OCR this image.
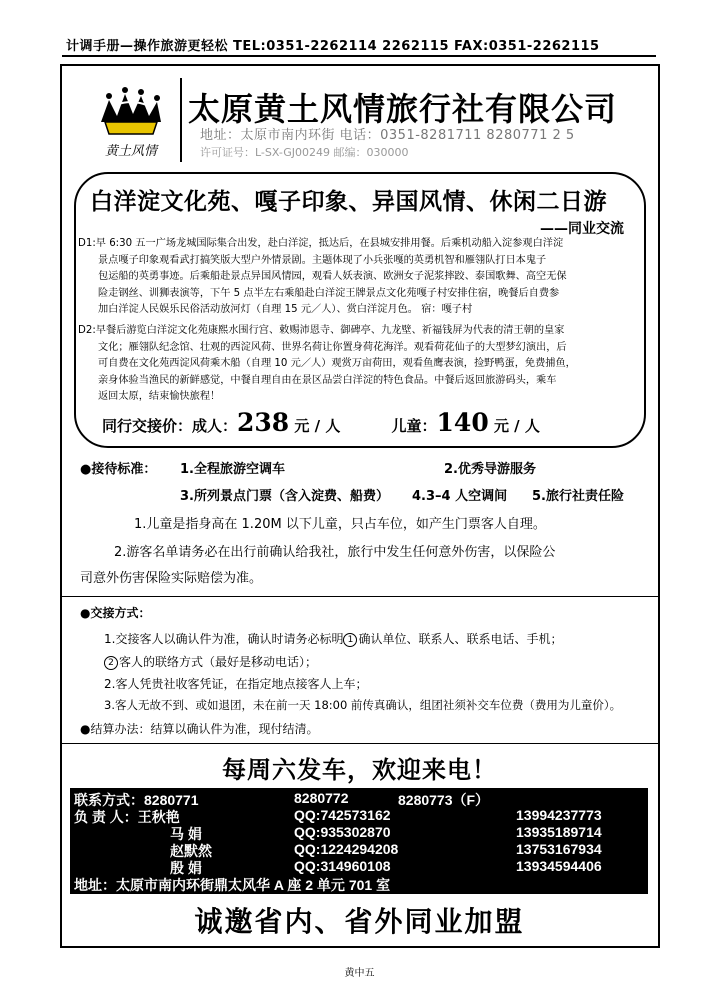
计调手册—操作旅游更轻松 TEL:0351-2262114 2262115 FAX:0351-2262115
黄土风情
太原黄土风情旅行社有限公司
地址：太原市南内环街 电话：0351-8281711 8280771 2 5
许可证号：L-SX-GJ00249 邮编：030000
白洋淀文化苑、嘎子印象、异国风情、休闲二日游
——同业交流

D1:早 6:30 五一广场龙城国际集合出发，赴白洋淀，抵达后，在县城安排用餐。后乘机动船入淀参观白洋淀

景点嘎子印象观看武打搞笑版大型户外情景剧。主题体现了小兵张嘎的英勇机智和雁翎队打日本鬼子

包运船的英勇事迹。后乘船赴景点异国风情园，观看人妖表演、欧洲女子泥浆摔跤、泰国歌舞、高空无保

险走钢丝、训狮表演等，下午 5 点半左右乘船赴白洋淀王牌景点文化苑嘎子村安排住宿，晚餐后自费参

加白洋淀人民娱乐民俗活动放河灯（自理 15 元／人）、赏白洋淀月色。 宿：嘎子村

D2:早餐后游览白洋淀文化苑康熙水围行宫、敕赐沛恩寺、御碑亭、九龙壁、祈福钱屏为代表的清王朝的皇家

文化；雁翎队纪念馆、壮观的西淀风荷、世界名荷让你置身荷花海洋。观看荷花仙子的大型梦幻演出，后

可自费在文化苑西淀风荷乘木船（自理 10 元／人）观赏万亩荷田，观看鱼鹰表演，捡野鸭蛋，免费捕鱼，

亲身体验当渔民的新鲜感觉，中餐自理自由在景区品尝白洋淀的特色食品。中餐后返回旅游码头，乘车

返回太原，结束愉快旅程！

同行交接价：成人：238 元 / 人	儿童：140 元 / 人
●接待标准： 1.全程旅游空调车	2.优秀导游服务
3.所列景点门票（含入淀费、船费） 4.3–4 人空调间 5.旅行社责任险
1.儿童是指身高在 1.20M 以下儿童，只占车位，如产生门票客人自理。
2.游客名单请务必在出行前确认给我社，旅行中发生任何意外伤害，以保险公
司意外伤害保险实际赔偿为准。
●交接方式：
1.交接客人以确认件为准，确认时请务必标明 1 确认单位、联系人、联系电话、手机；
2 客人的联络方式（最好是移动电话）；
2.客人凭贵社收客凭证，在指定地点接客人上车；
3.客人无故不到、或如退团，未在前一天 18:00 前传真确认，组团社须补交车位费（费用为儿童价）。
●结算办法：结算以确认件为准，现付结清。
每周六发车，欢迎来电！
联系方式：8280771	8280772	8280773（F）
负 责 人：王秋艳	QQ:742573162	13994237773
马 娟	QQ:935302870	13935189714
赵默然	QQ:1224294208	13753167934
殷 娟	QQ:314960108	13934594406
地址：太原市南内环街鼎太风华 A 座 2 单元 701 室
诚邀省内、省外同业加盟
黄中五
